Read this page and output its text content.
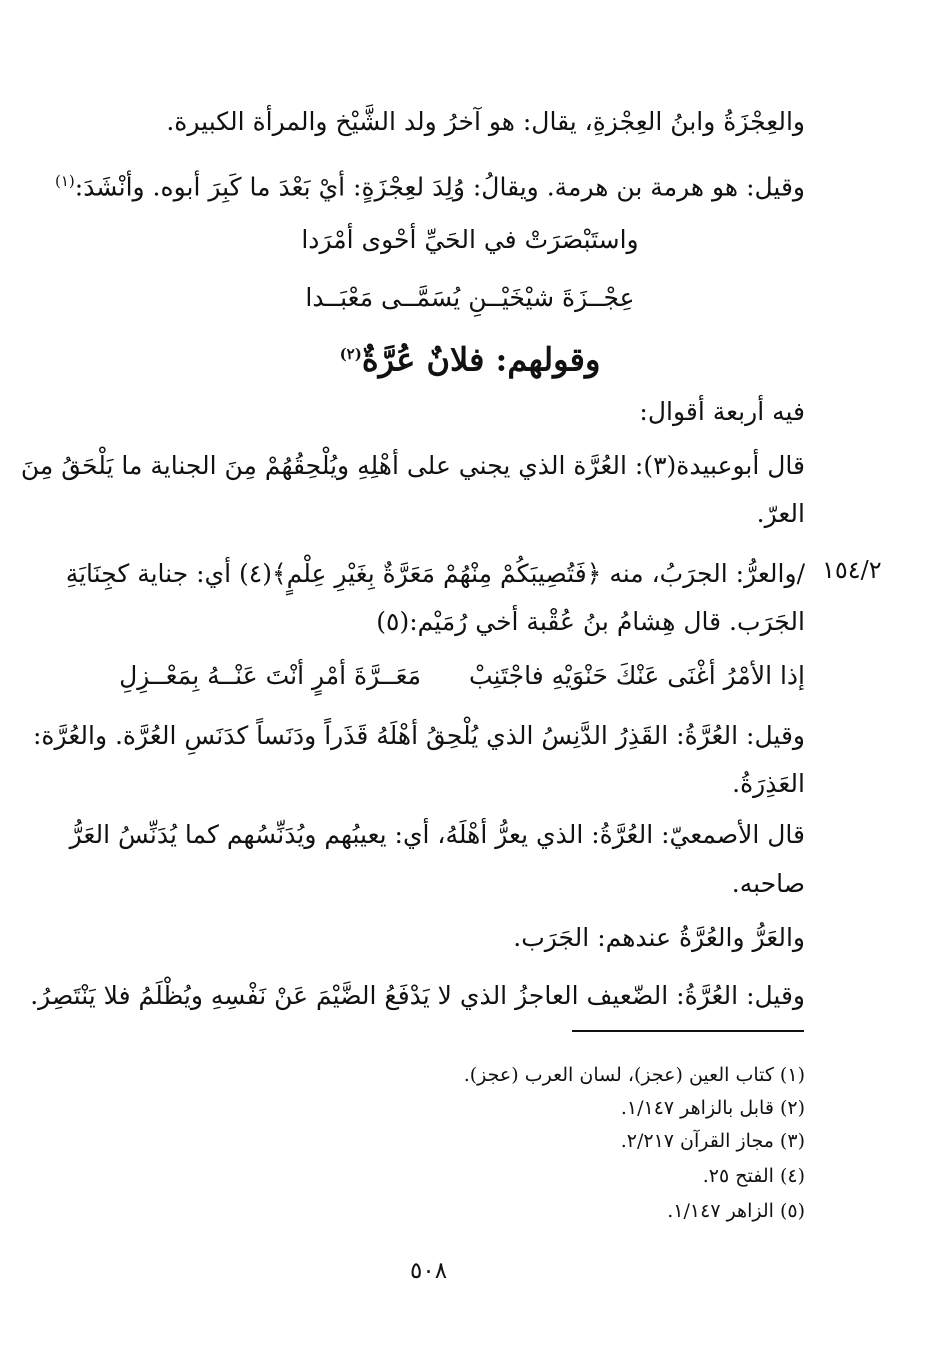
والعِجْزَةُ وابنُ العِجْزةِ، يقال: هو آخرُ ولد الشَّيْخ والمرأة الكبيرة.
وقيل: هو هرمة بن هرمة. ويقالُ: وُلِدَ لعِجْزَةٍ: أيْ بَعْدَ ما كَبِرَ أبوه. وأنْشَدَ:$^{(١)}$
واستَبْصَرَتْ في الحَيِّ أحْوى أمْرَدا
عِجْــزَةَ شيْخَيْــنِ يُسَمَّــى مَعْبَــدا
وقولهم: فلانٌ عُرَّةٌ$^{(٢)}$
فيه أربعة أقوال:
قال أبوعبيدة(٣): العُرَّة الذي يجني على أهْلِهِ ويُلْحِقُهُمْ مِنَ الجناية ما يَلْحَقُ مِنَ
العرّ.
١٥٤/٢
/والعرُّ: الجرَبُ، منه ﴿فَتُصِيبَكُمْ مِنْهُمْ مَعَرَّةٌ بِغَيْرِ عِلْمٍ﴾(٤) أي: جناية كجِنَايَةِ
الجَرَب. قال هِشامُ بنُ عُقْبة أخي رُمَيْم:(٥)
إذا الأمْرُ أغْنَى عَنْكَ حَنْوَيْهِ فاجْتَنِبْ مَعَــرَّةَ أمْرٍ أنْتَ عَنْــهُ بِمَعْــزِلِ
وقيل: العُرَّةُ: القَذِرُ الدَّنِسُ الذي يُلْحِقُ أهْلَهُ قَذَراً ودَنَساً كدَنَسِ العُرَّة. والعُرَّة:
العَذِرَةُ.
قال الأصمعيّ: العُرَّةُ: الذي يعرُّ أهْلَهُ، أي: يعيبُهم ويُدَنِّسُهم كما يُدَنِّسُ العَرُّ
صاحبه.
والعَرُّ والعُرَّةُ عندهم: الجَرَب.
وقيل: العُرَّةُ: الضّعيف العاجزُ الذي لا يَدْفَعُ الضَّيْمَ عَنْ نَفْسِهِ ويُظْلَمُ فلا يَنْتَصِرُ.
(١) كتاب العين (عجز)، لسان العرب (عجز).
(٢) قابل بالزاهر ١/١٤٧.
(٣) مجاز القرآن ٢/٢١٧.
(٤) الفتح ٢٥.
(٥) الزاهر ١/١٤٧.
٥٠٨
